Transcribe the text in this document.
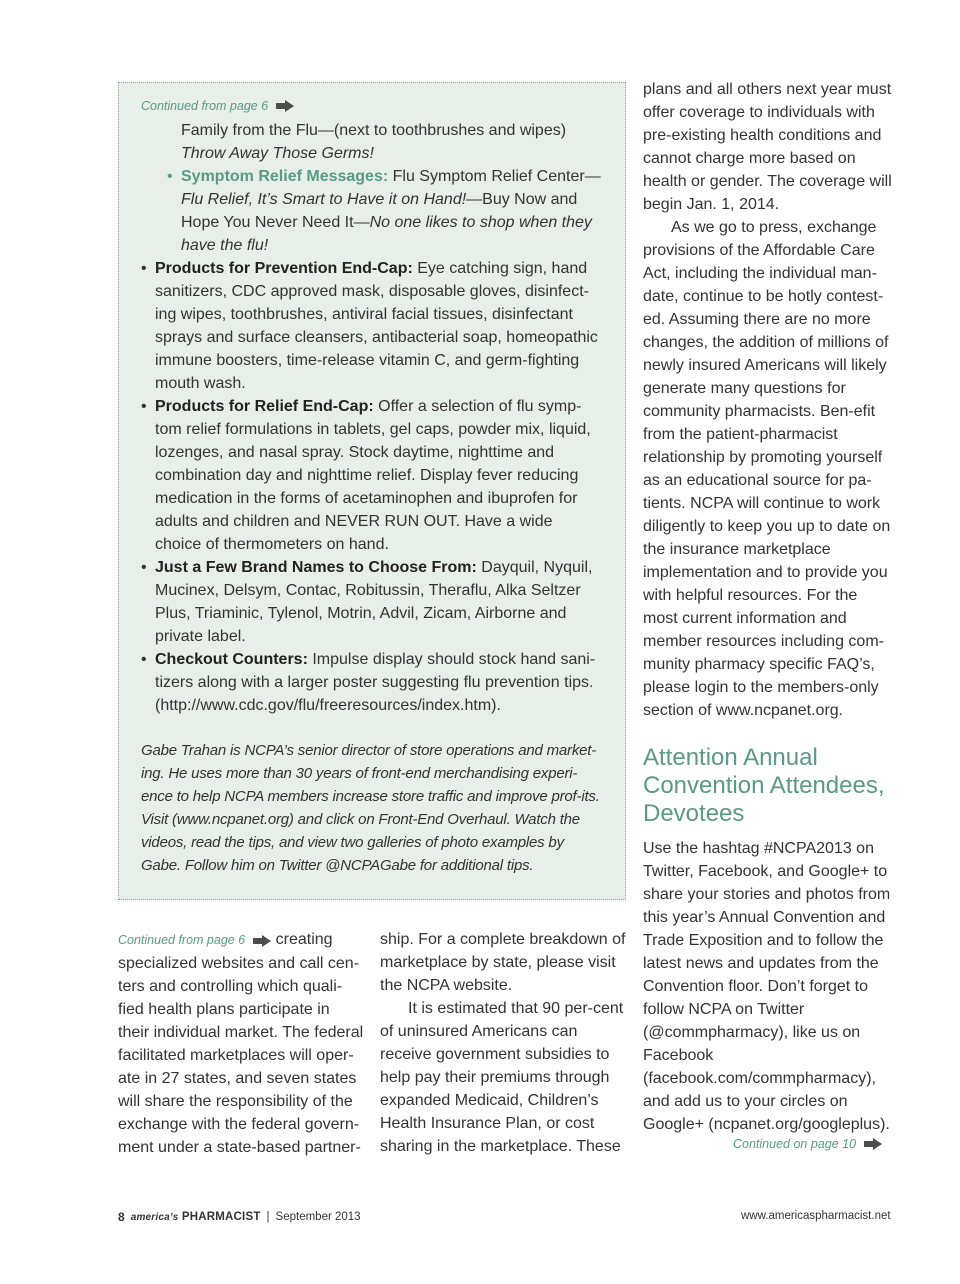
Continued from page 6
Family from the Flu—(next to toothbrushes and wipes)
Throw Away Those Germs!
• Symptom Relief Messages: Flu Symptom Relief Center— Flu Relief, It’s Smart to Have it on Hand!—Buy Now and Hope You Never Need It—No one likes to shop when they have the flu!
• Products for Prevention End-Cap: Eye catching sign, hand sanitizers, CDC approved mask, disposable gloves, disinfect-ing wipes, toothbrushes, antiviral facial tissues, disinfectant sprays and surface cleansers, antibacterial soap, homeopathic immune boosters, time-release vitamin C, and germ-fighting mouth wash.
• Products for Relief End-Cap: Offer a selection of flu symp-tom relief formulations in tablets, gel caps, powder mix, liquid, lozenges, and nasal spray. Stock daytime, nighttime and combination day and nighttime relief. Display fever reducing medication in the forms of acetaminophen and ibuprofen for adults and children and NEVER RUN OUT. Have a wide choice of thermometers on hand.
• Just a Few Brand Names to Choose From: Dayquil, Nyquil, Mucinex, Delsym, Contac, Robitussin, Theraflu, Alka Seltzer Plus, Triaminic, Tylenol, Motrin, Advil, Zicam, Airborne and private label.
• Checkout Counters: Impulse display should stock hand sani-tizers along with a larger poster suggesting flu prevention tips. (http://www.cdc.gov/flu/freeresources/index.htm).
Gabe Trahan is NCPA’s senior director of store operations and market-ing. He uses more than 30 years of front-end merchandising experi-ence to help NCPA members increase store traffic and improve prof-its. Visit (www.ncpanet.org) and click on Front-End Overhaul. Watch the videos, read the tips, and view two galleries of photo examples by Gabe. Follow him on Twitter @NCPAGabe for additional tips.

plans and all others next year must offer coverage to individuals with pre-existing health conditions and cannot charge more based on health or gender. The coverage will begin Jan. 1, 2014.

As we go to press, exchange provisions of the Affordable Care Act, including the individual man-date, continue to be hotly contest-ed. Assuming there are no more changes, the addition of millions of newly insured Americans will likely generate many questions for community pharmacists. Ben-efit from the patient-pharmacist relationship by promoting yourself as an educational source for pa-tients. NCPA will continue to work diligently to keep you up to date on the insurance marketplace implementation and to provide you with helpful resources. For the most current information and member resources including com-munity pharmacy specific FAQ’s, please login to the members-only section of www.ncpanet.org.

Attention Annual Convention Attendees, Devotees

Use the hashtag #NCPA2013 on Twitter, Facebook, and Google+ to share your stories and photos from this year’s Annual Convention and Trade Exposition and to follow the latest news and updates from the Convention floor. Don’t forget to follow NCPA on Twitter (@commpharmacy), like us on Facebook (facebook.com/commpharmacy), and add us to your circles on Google+ (ncpanet.org/googleplus).

Continued on page 10

Continued from page 6 creating specialized websites and call cen-ters and controlling which quali-fied health plans participate in their individual market. The federal facilitated marketplaces will oper-ate in 27 states, and seven states will share the responsibility of the exchange with the federal govern-ment under a state-based partner-

ship. For a complete breakdown of marketplace by state, please visit the NCPA website.

It is estimated that 90 per-cent of uninsured Americans can receive government subsidies to help pay their premiums through expanded Medicaid, Children’s Health Insurance Plan, or cost sharing in the marketplace. These

8 america’s PHARMACIST | September 2013	www.americaspharmacist.net
